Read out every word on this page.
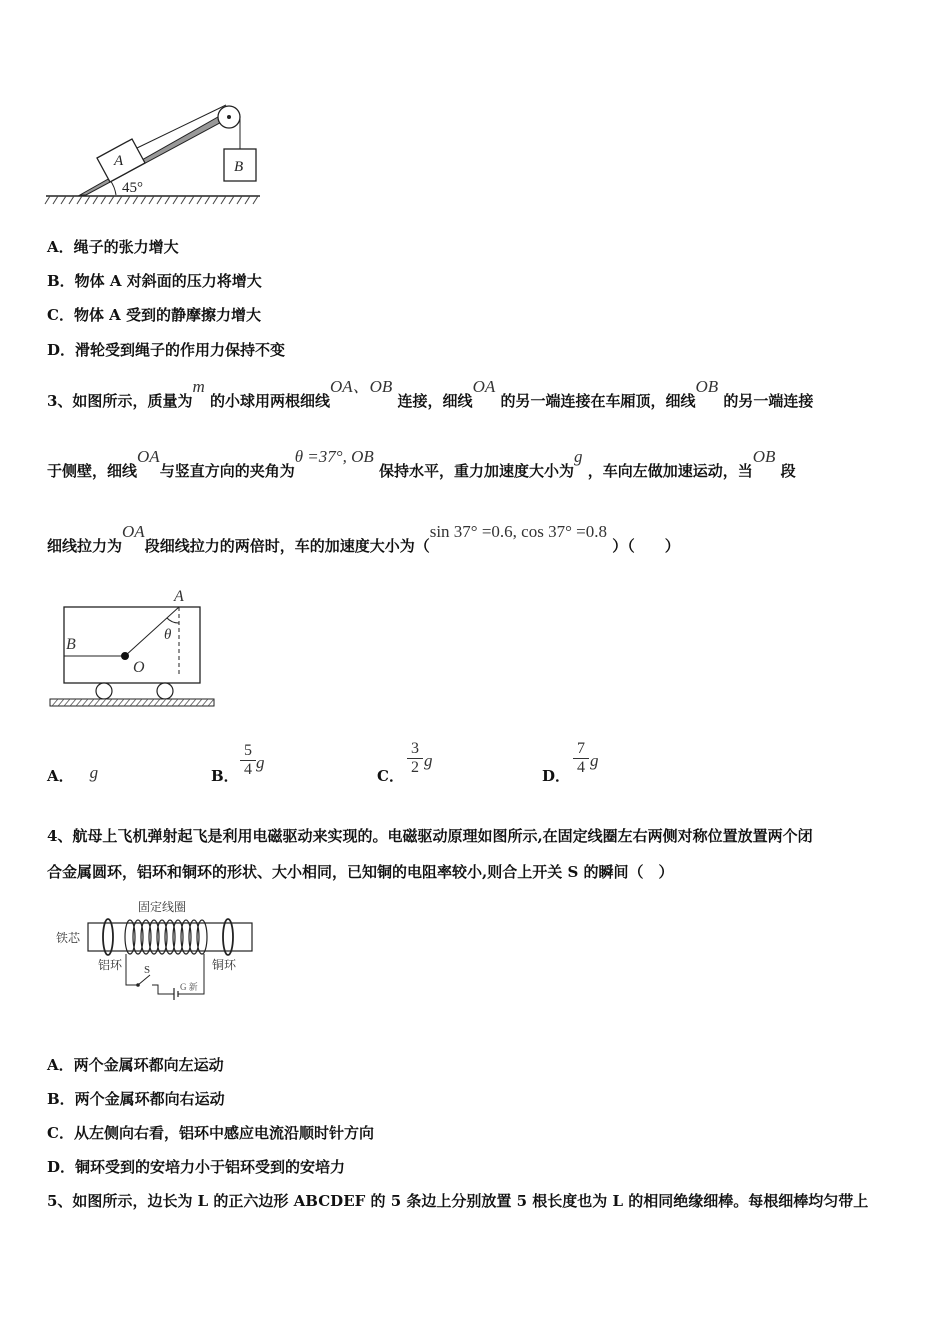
45°
A	B
A．绳子的张力增大
B．物体 A 对斜面的压力将增大
C．物体 A 受到的静摩擦力增大
D．滑轮受到绳子的作用力保持不变
3、如图所示，质量为m 的小球用两根细线OA、OB 连接，细线OA 的另一端连接在车厢顶，细线OB 的另一端连接
于侧壁，细线OA与竖直方向的夹角为θ =37°, OB 保持水平，重力加速度大小为g ，车向左做加速运动，当OB 段
细线拉力为OA段细线拉力的两倍时，车的加速度大小为（sin 37° =0.6, cos 37° =0.8 ）（　　）
A
B
O
θ
A． g	B． $\frac{5}{4}$ g
C． $\frac{3}{2}$ g
D． $\frac{7}{4}$ g
4、航母上飞机弹射起飞是利用电磁驱动来实现的。电磁驱动原理如图所示,在固定线圈左右两侧对称位置放置两个闭
合金属圆环，铝环和铜环的形状、大小相同，已知铜的电阻率较小,则合上开关 S 的瞬间（　）
固定线圈
铁芯
铝环	铜环
S
G 新
A．两个金属环都向左运动
B．两个金属环都向右运动
C．从左侧向右看，铝环中感应电流沿顺时针方向
D．铜环受到的安培力小于铝环受到的安培力
5、如图所示，边长为 L 的正六边形 ABCDEF 的 5 条边上分别放置 5 根长度也为 L 的相同绝缘细棒。每根细棒均匀带上
